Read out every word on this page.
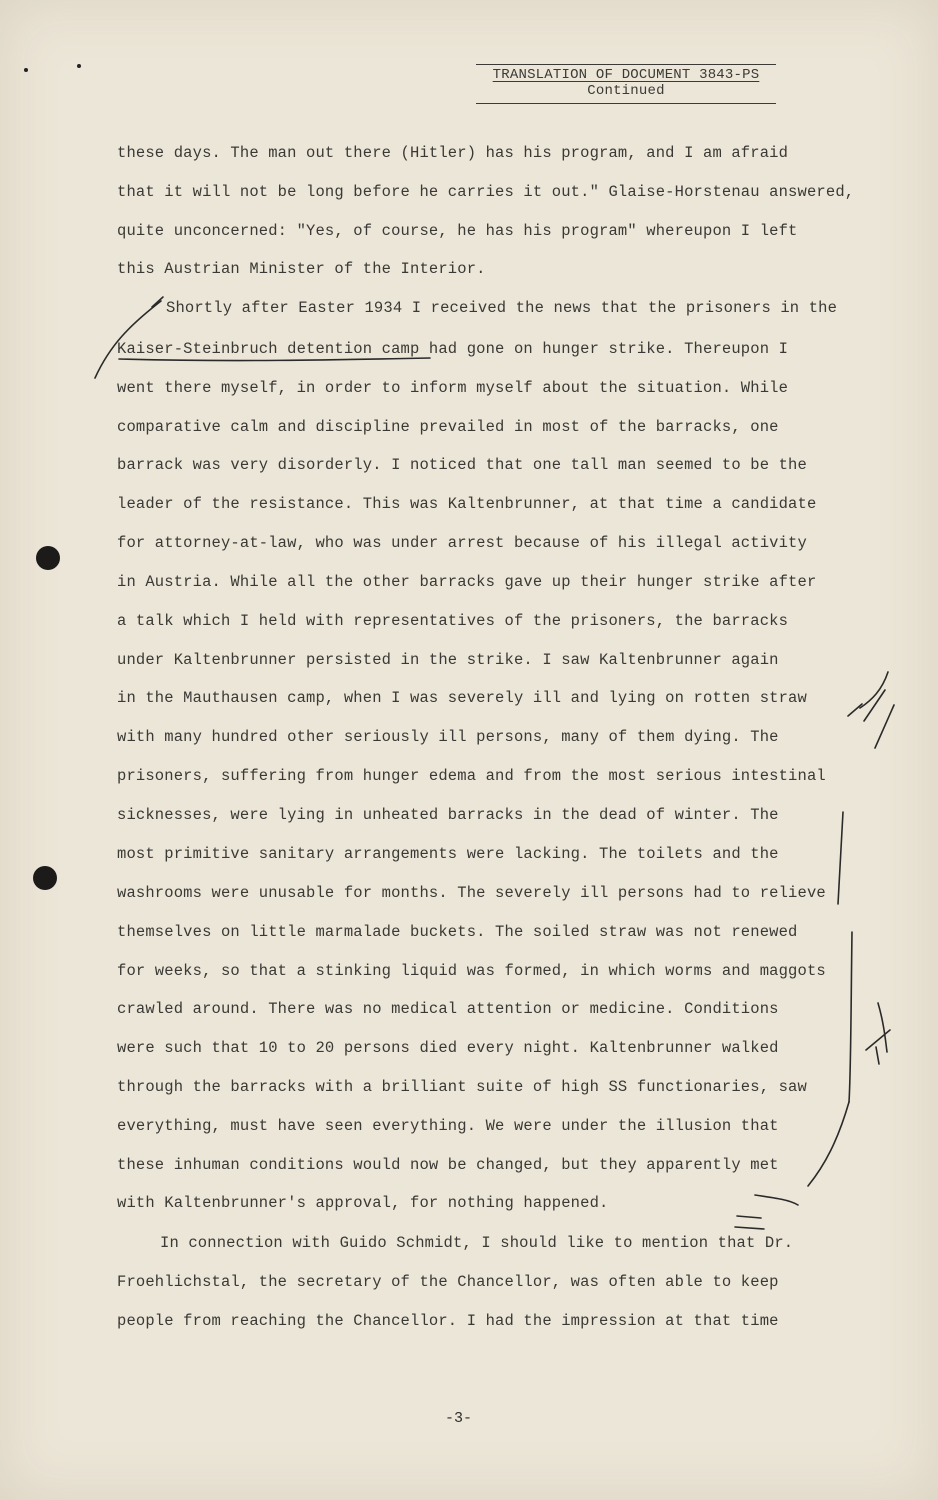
TRANSLATION OF DOCUMENT 3843-PS
Continued
these days. The man out there (Hitler) has his program, and I am afraid
that it will not be long before he carries it out." Glaise-Horstenau answered,
quite unconcerned: "Yes, of course, he has his program" whereupon I left
this Austrian Minister of the Interior.
Shortly after Easter 1934 I received the news that the prisoners in the
Kaiser-Steinbruch detention camp had gone on hunger strike. Thereupon I
went there myself, in order to inform myself about the situation. While
comparative calm and discipline prevailed in most of the barracks, one
barrack was very disorderly. I noticed that one tall man seemed to be the
leader of the resistance. This was Kaltenbrunner, at that time a candidate
for attorney-at-law, who was under arrest because of his illegal activity
in Austria. While all the other barracks gave up their hunger strike after
a talk which I held with representatives of the prisoners, the barracks
under Kaltenbrunner persisted in the strike. I saw Kaltenbrunner again
in the Mauthausen camp, when I was severely ill and lying on rotten straw
with many hundred other seriously ill persons, many of them dying. The
prisoners, suffering from hunger edema and from the most serious intestinal
sicknesses, were lying in unheated barracks in the dead of winter. The
most primitive sanitary arrangements were lacking. The toilets and the
washrooms were unusable for months. The severely ill persons had to relieve
themselves on little marmalade buckets. The soiled straw was not renewed
for weeks, so that a stinking liquid was formed, in which worms and maggots
crawled around. There was no medical attention or medicine. Conditions
were such that 10 to 20 persons died every night. Kaltenbrunner walked
through the barracks with a brilliant suite of high SS functionaries, saw
everything, must have seen everything. We were under the illusion that
these inhuman conditions would now be changed, but they apparently met
with Kaltenbrunner's approval, for nothing happened.
In connection with Guido Schmidt, I should like to mention that Dr.
Froehlichstal, the secretary of the Chancellor, was often able to keep
people from reaching the Chancellor. I had the impression at that time
-3-
